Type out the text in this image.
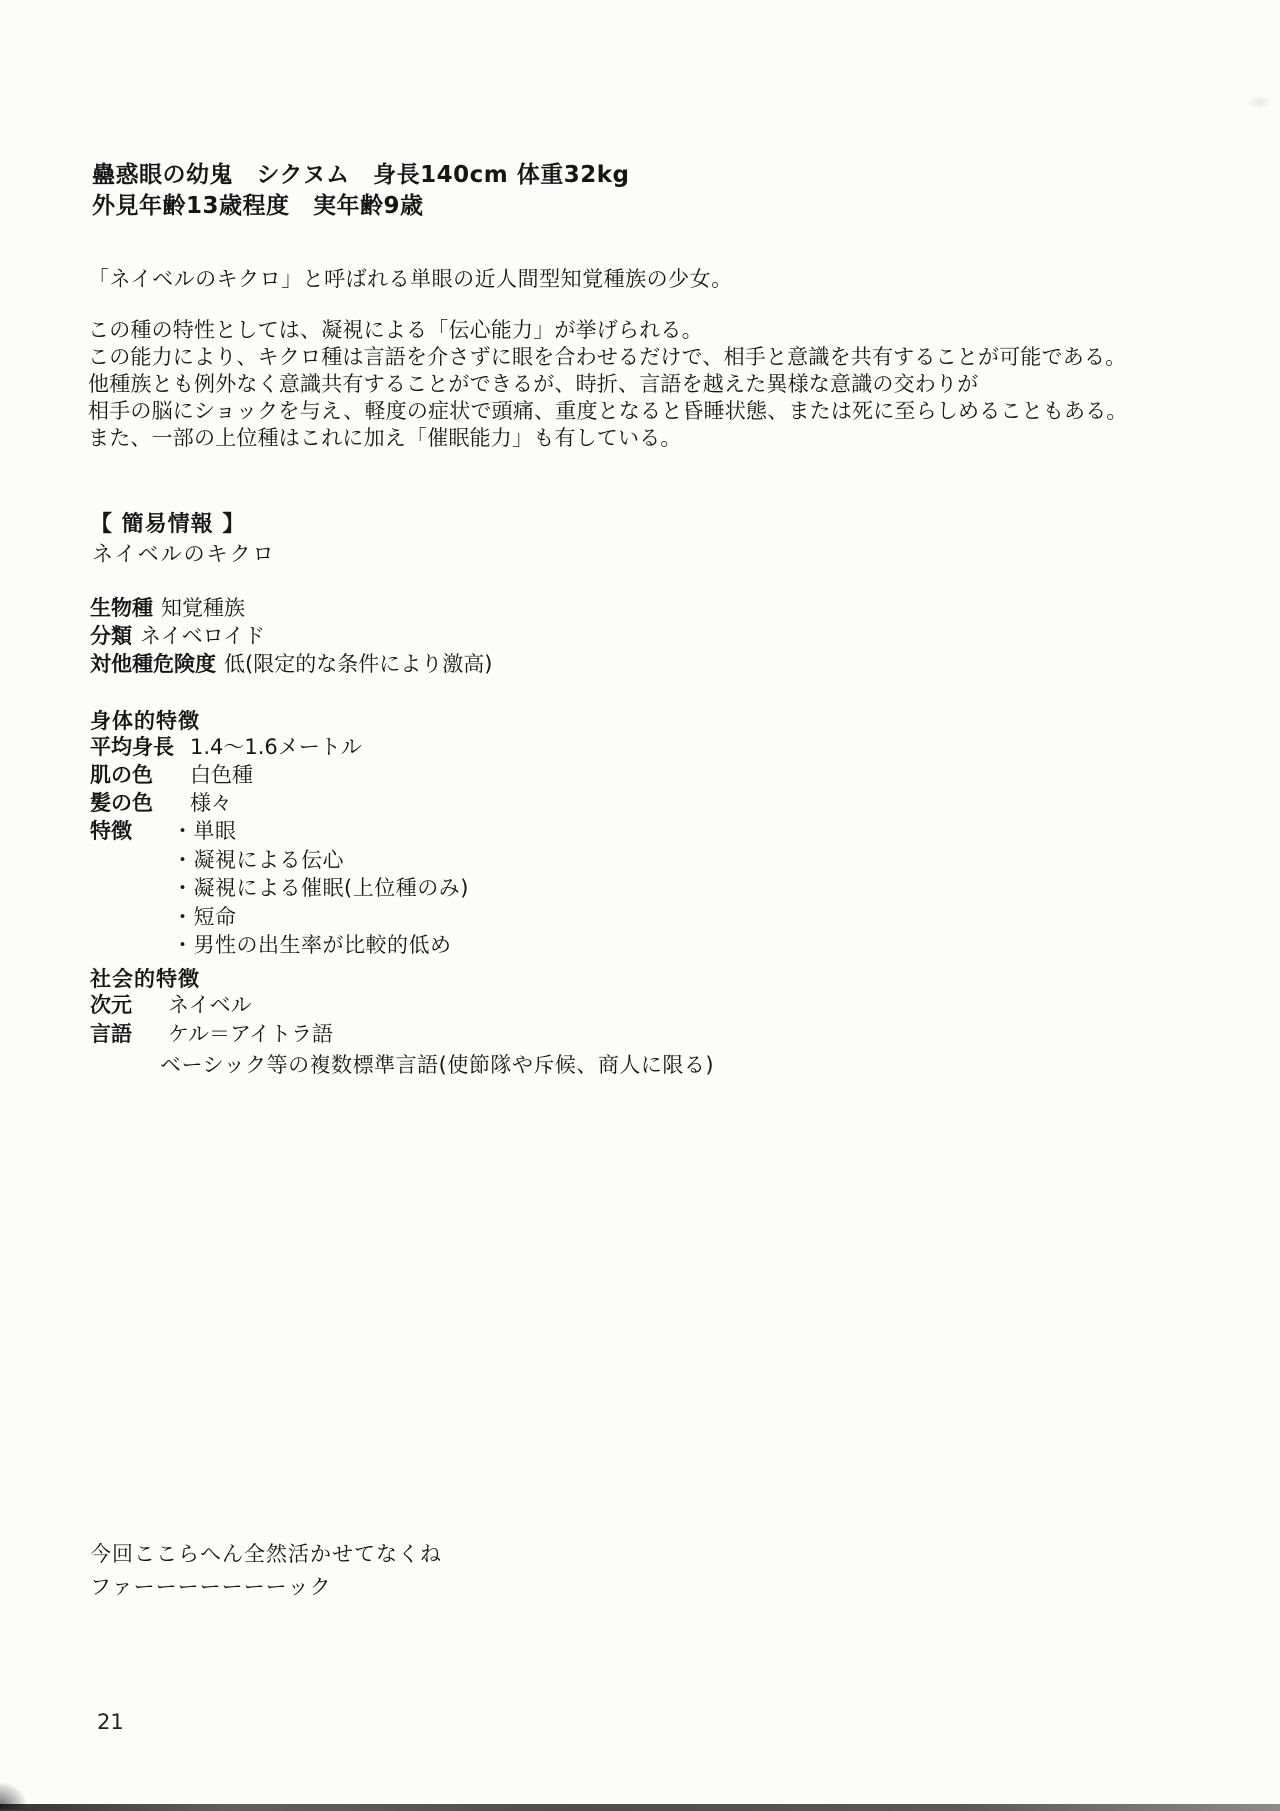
蠱惑眼の幼鬼　シクヌム　身長140cm 体重32kg
外見年齢13歳程度　実年齢9歳
「ネイベルのキクロ」と呼ばれる単眼の近人間型知覚種族の少女。
この種の特性としては、凝視による「伝心能力」が挙げられる。
この能力により、キクロ種は言語を介さずに眼を合わせるだけで、相手と意識を共有することが可能である。
他種族とも例外なく意識共有することができるが、時折、言語を越えた異様な意識の交わりが
相手の脳にショックを与え、軽度の症状で頭痛、重度となると昏睡状態、または死に至らしめることもある。
また、一部の上位種はこれに加え「催眠能力」も有している。
【 簡易情報 】
ネイベルのキクロ
生物種 知覚種族
分類 ネイベロイド
対他種危険度 低(限定的な条件により激高)
身体的特徴
平均身長 1.4〜1.6メートル
肌の色 白色種
髪の色 様々
特徴	・単眼
・凝視による伝心
・凝視による催眠(上位種のみ)
・短命
・男性の出生率が比較的低め
社会的特徴
次元 ネイベル
言語 ケル＝アイトラ語
ベーシック等の複数標準言語(使節隊や斥候、商人に限る)
今回ここらへん全然活かせてなくね
ファーーーーーーーック
21
